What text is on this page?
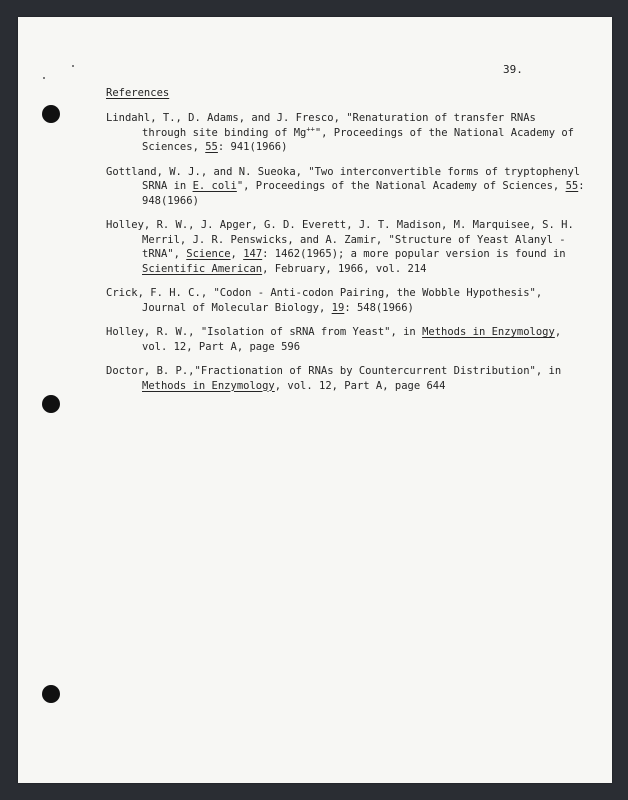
39.
References

Lindahl, T., D. Adams, and J. Fresco, "Renaturation of transfer RNAs through site binding of Mg++", Proceedings of the National Academy of Sciences, 55: 941(1966)

Gottland, W. J., and N. Sueoka, "Two interconvertible forms of tryptophenyl SRNA in E. coli", Proceedings of the National Academy of Sciences, 55: 948(1966)

Holley, R. W., J. Apger, G. D. Everett, J. T. Madison, M. Marquisee, S. H. Merril, J. R. Penswicks, and A. Zamir, "Structure of Yeast Alanyl - tRNA", Science, 147: 1462(1965); a more popular version is found in Scientific American, February, 1966, vol. 214

Crick, F. H. C., "Codon - Anti-codon Pairing, the Wobble Hypothesis", Journal of Molecular Biology, 19: 548(1966)

Holley, R. W., "Isolation of sRNA from Yeast", in Methods in Enzymology, vol. 12, Part A, page 596

Doctor, B. P.,"Fractionation of RNAs by Countercurrent Distribution", in Methods in Enzymology, vol. 12, Part A, page 644
